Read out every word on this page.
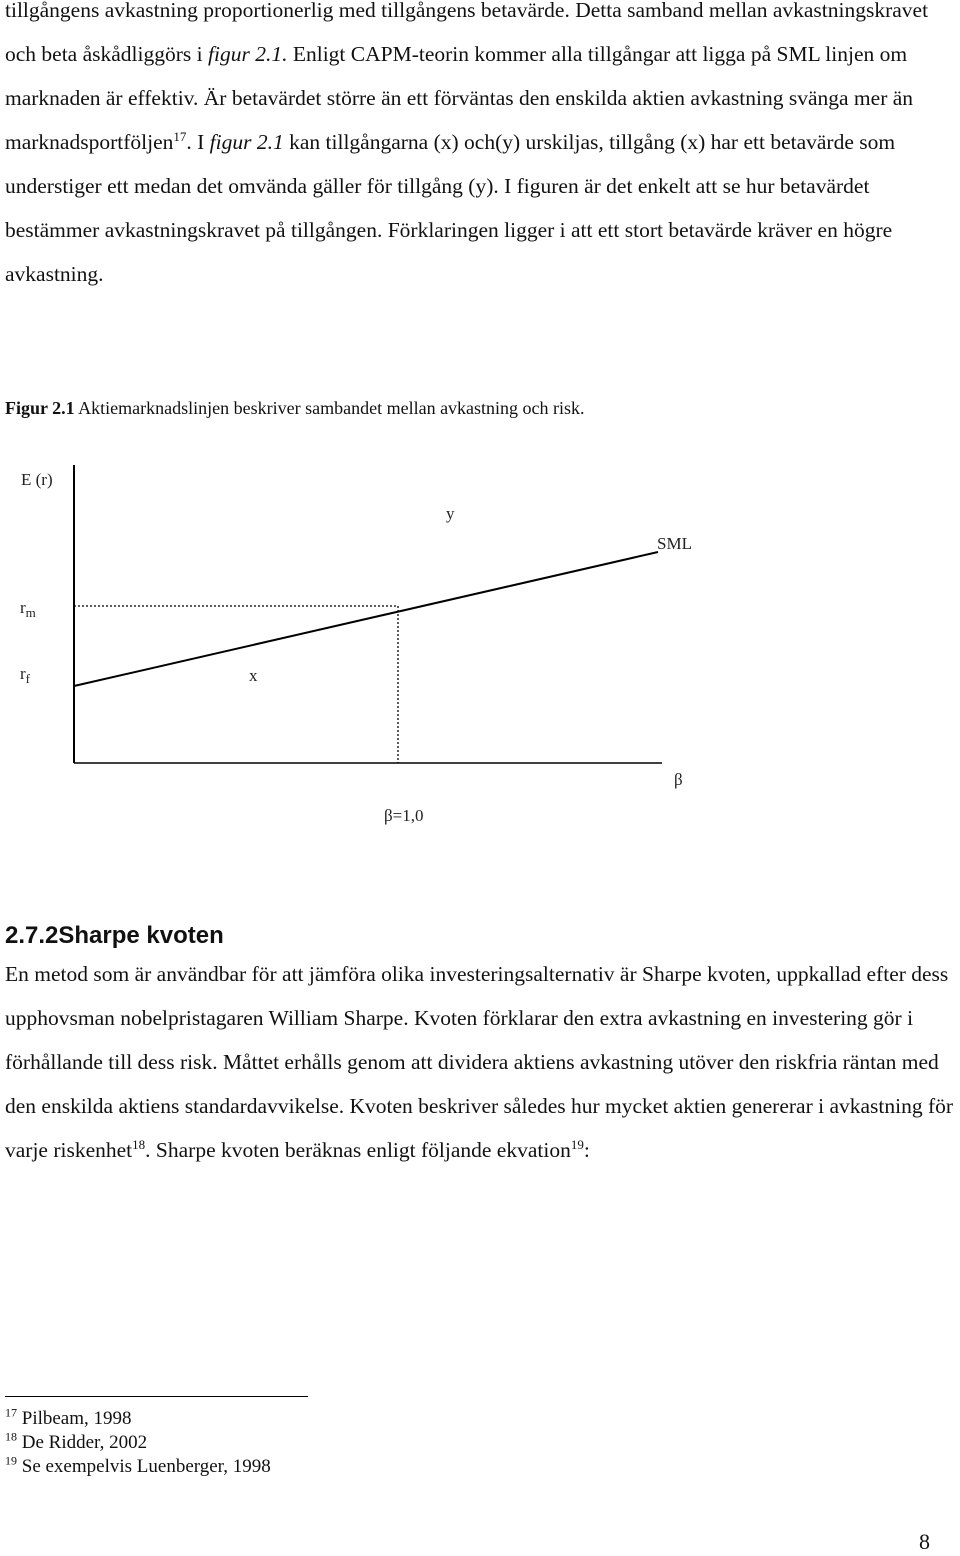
tillgångens avkastning proportionerlig med tillgångens betavärde. Detta samband mellan avkastningskravet och beta åskådliggörs i figur 2.1. Enligt CAPM-teorin kommer alla tillgångar att ligga på SML linjen om marknaden är effektiv. Är betavärdet större än ett förväntas den enskilda aktien avkastning svänga mer än marknadsportföljen$^{17}$. I figur 2.1 kan tillgångarna (x) och(y) urskiljas, tillgång (x) har ett betavärde som understiger ett medan det omvända gäller för tillgång (y). I figuren är det enkelt att se hur betavärdet bestämmer avkastningskravet på tillgången. Förklaringen ligger i att ett stort betavärde kräver en högre avkastning.

Figur 2.1 Aktiemarknadslinjen beskriver sambandet mellan avkastning och risk.

E (r)
y
SML
$r_m$
$r_f$	x
β
β=1,0
2.7.2Sharpe kvoten

En metod som är användbar för att jämföra olika investeringsalternativ är Sharpe kvoten, uppkallad efter dess upphovsman nobelpristagaren William Sharpe. Kvoten förklarar den extra avkastning en investering gör i förhållande till dess risk. Måttet erhålls genom att dividera aktiens avkastning utöver den riskfria räntan med den enskilda aktiens standardavvikelse. Kvoten beskriver således hur mycket aktien genererar i avkastning för varje riskenhet$^{18}$. Sharpe kvoten beräknas enligt följande ekvation$^{19}$:

$^{17}$ Pilbeam, 1998

$^{18}$ De Ridder, 2002

$^{19}$ Se exempelvis Luenberger, 1998

8
